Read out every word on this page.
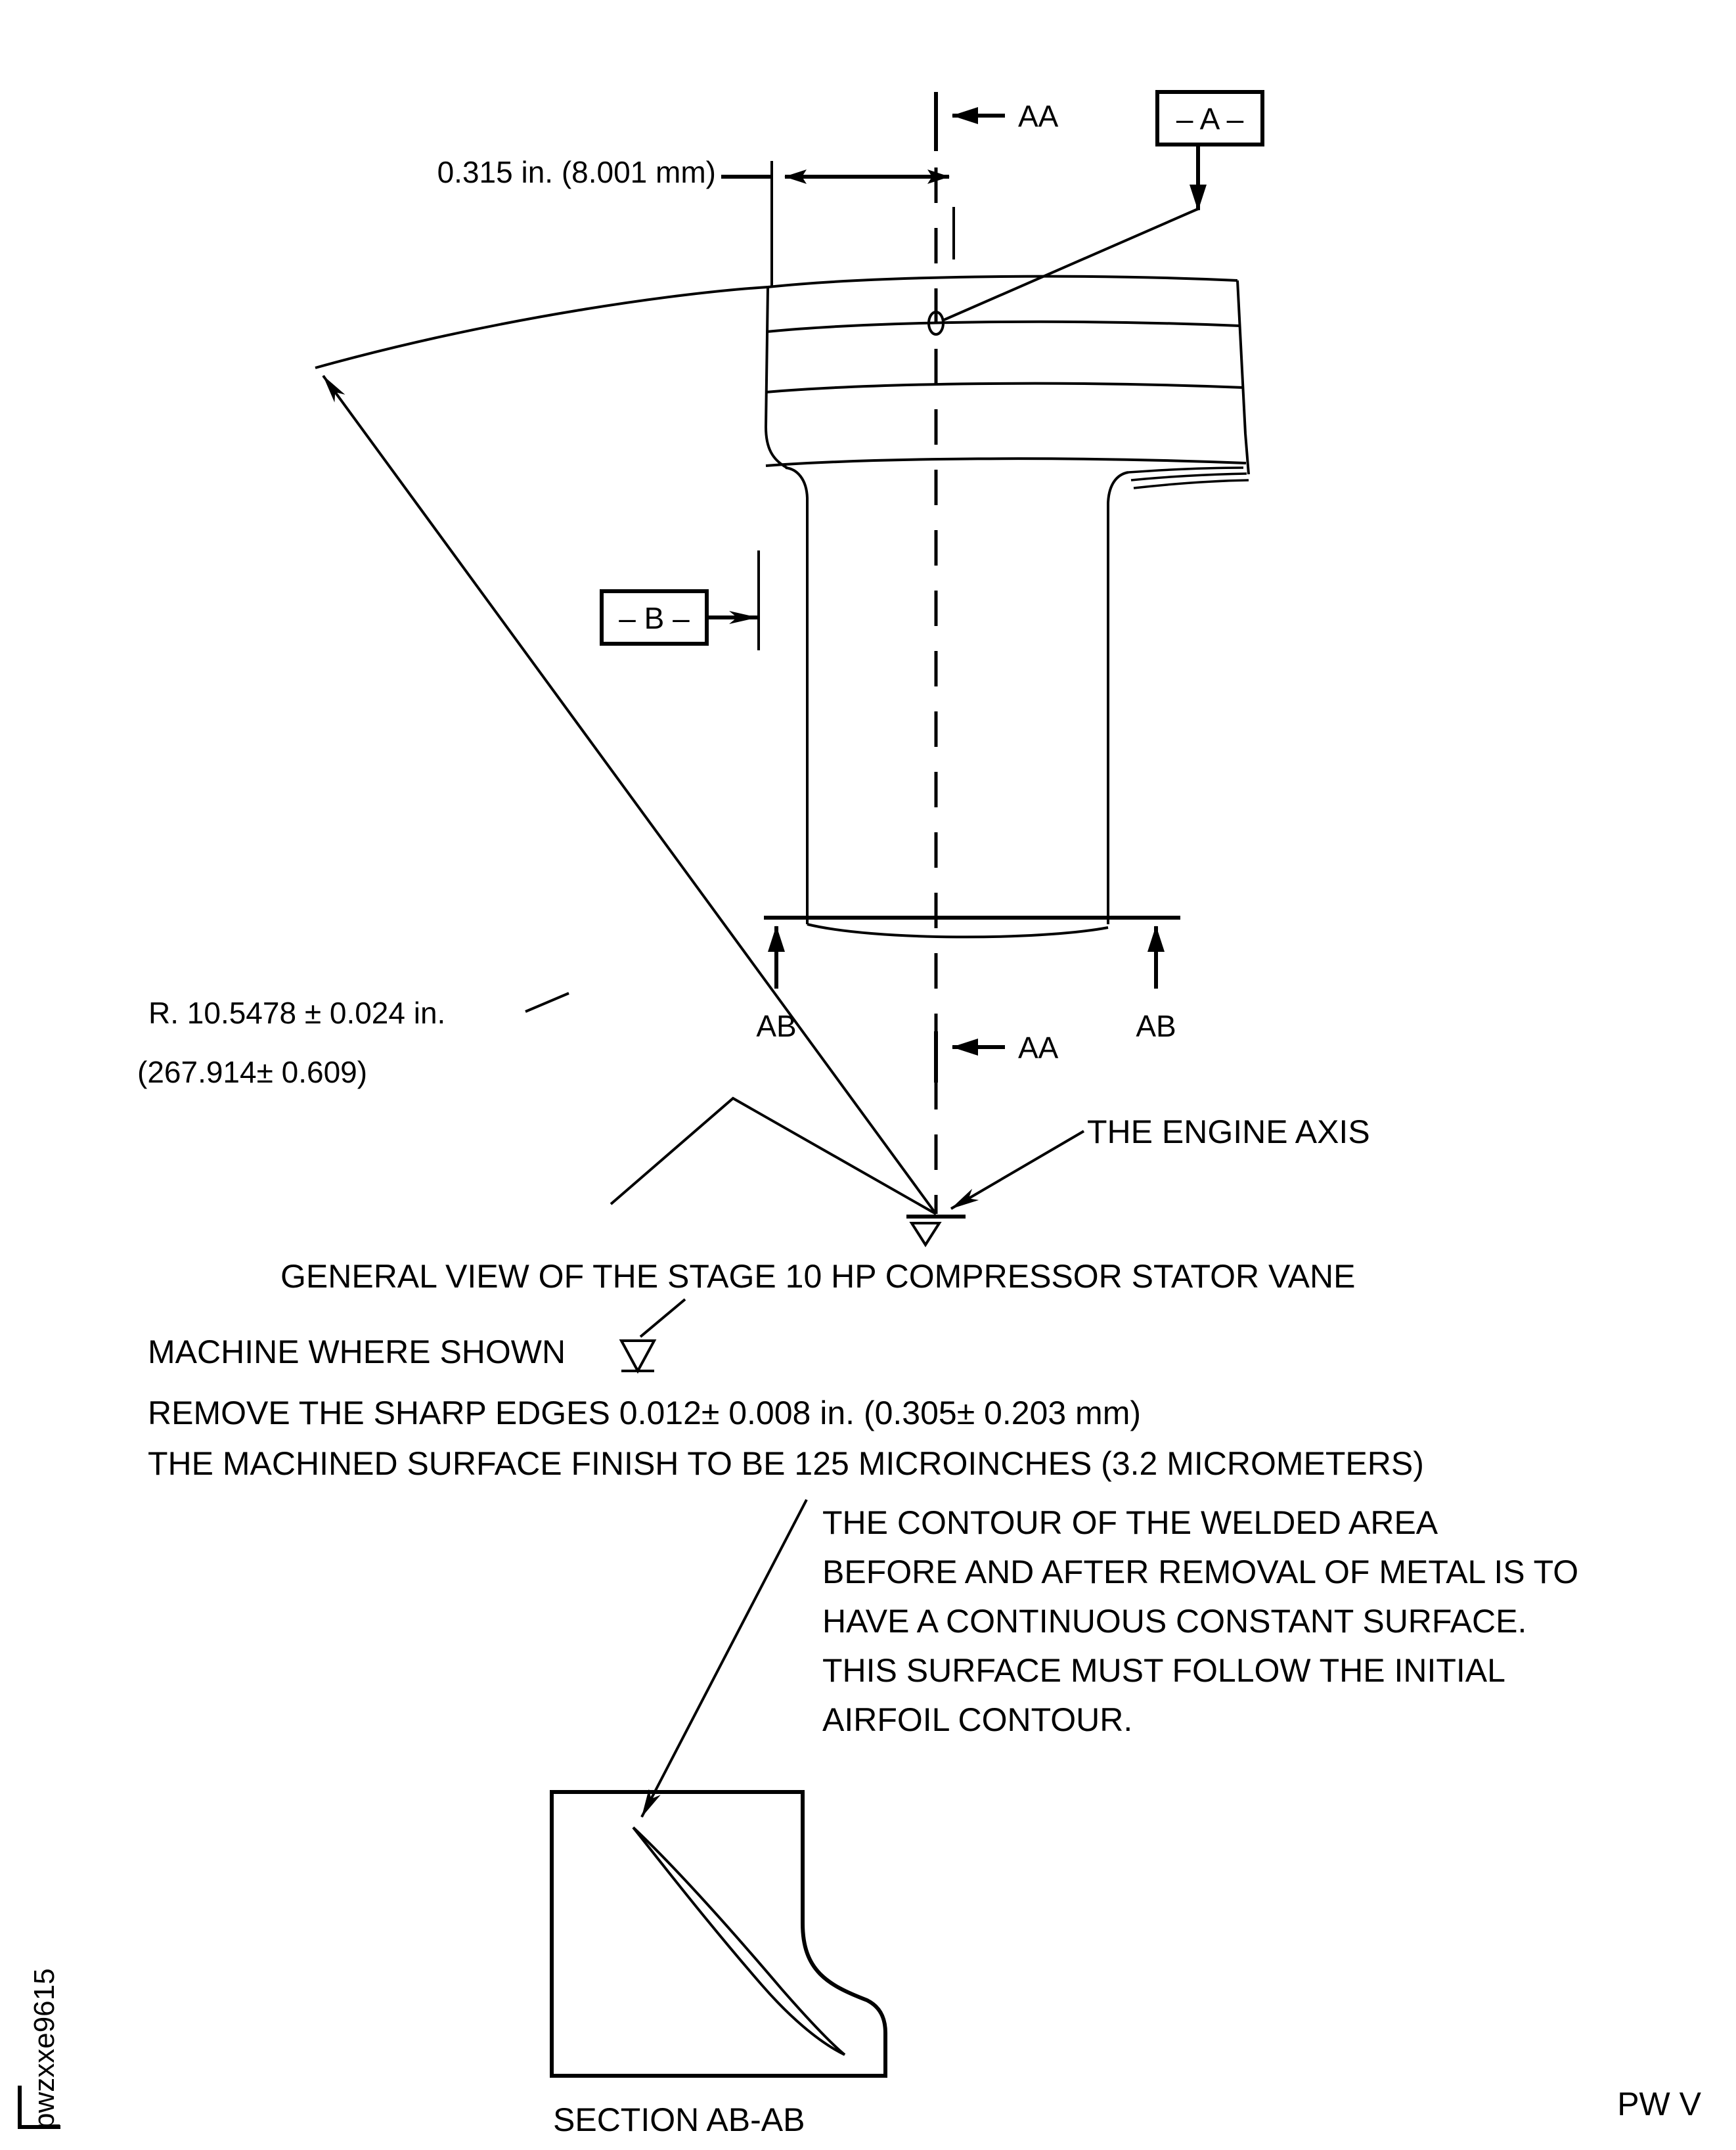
AA	– A –
0.315 in. (8.001 mm)
– B –
AB	AB
AA
R. 10.5478 ± 0.024 in.
(267.914± 0.609)
THE ENGINE AXIS
GENERAL VIEW OF THE STAGE 10 HP COMPRESSOR STATOR VANE
MACHINE WHERE SHOWN
REMOVE THE SHARP EDGES 0.012± 0.008 in. (0.305± 0.203 mm)
THE MACHINED SURFACE FINISH TO BE 125 MICROINCHES (3.2 MICROMETERS)
THE CONTOUR OF THE WELDED AREA
BEFORE AND AFTER REMOVAL OF METAL IS TO
HAVE A CONTINUOUS CONSTANT SURFACE.
THIS SURFACE MUST FOLLOW THE INITIAL
AIRFOIL CONTOUR.
SECTION AB-AB
pwzxxe9615	PW V
